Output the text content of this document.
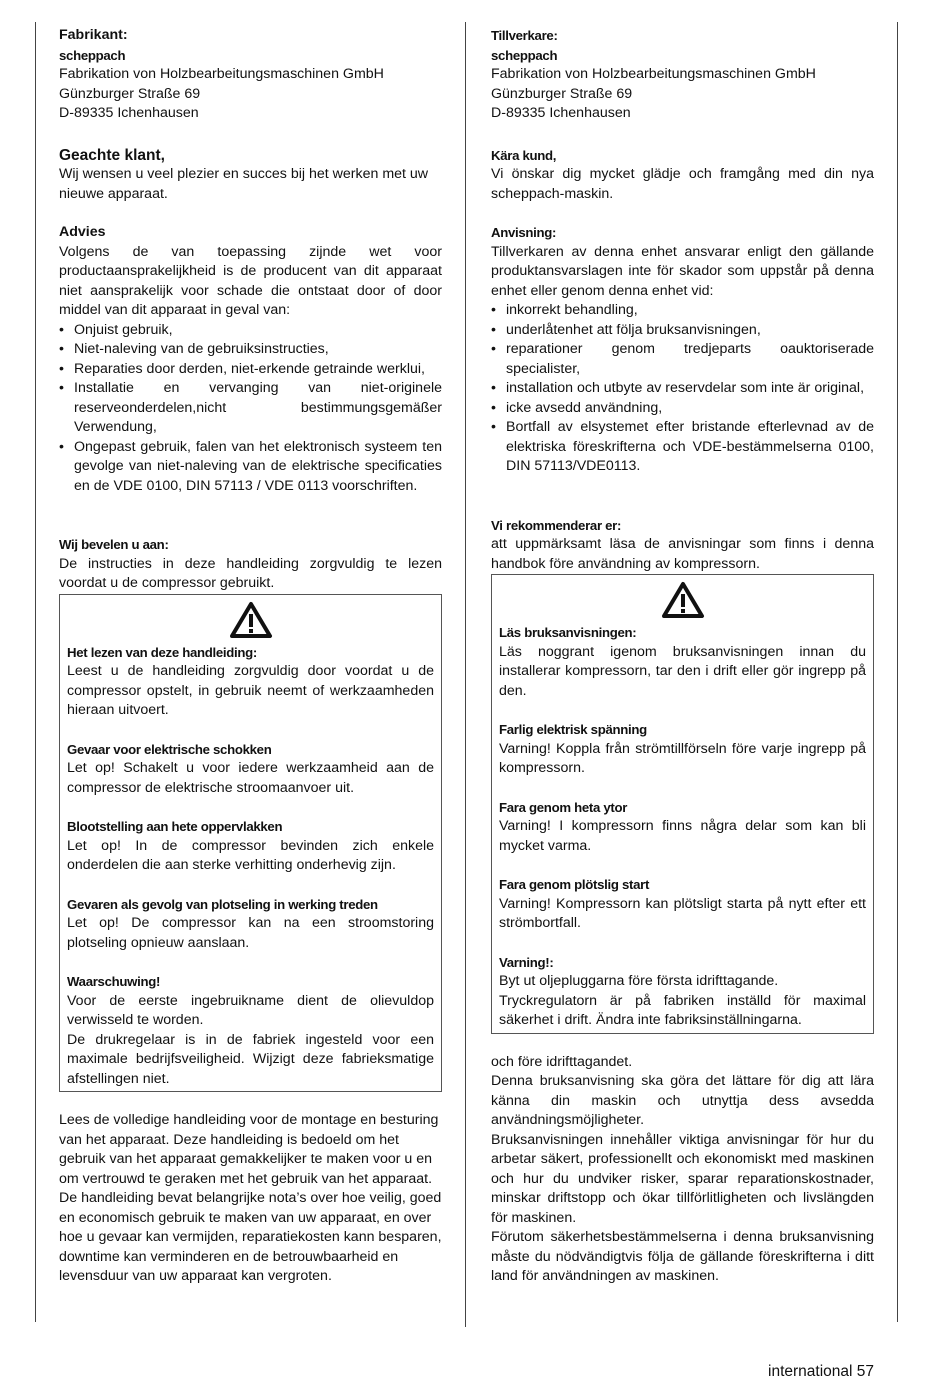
Fabrikant:

scheppach

Fabrikation von Holzbearbeitungsmaschinen GmbH

Günzburger Straße 69

D-89335 Ichenhausen

Geachte klant,

Wij wensen u veel plezier en succes bij het werken met uw nieuwe apparaat.

Advies

Volgens de van toepassing zijnde wet voor productaansprakelijkheid is de producent van dit apparaat niet aansprakelijk voor schade die ontstaat door of door middel van dit apparaat in geval van:

• Onjuist gebruik,
• Niet-naleving van de gebruiksinstructies,
• Reparaties door derden, niet-erkende getrainde werklui,
• Installatie en vervanging van niet-originele reserveonderdelen,nicht bestimmungsgemäßer Verwendung,
• Ongepast gebruik, falen van het elektronisch systeem ten gevolge van niet-naleving van de elektrische specificaties en de VDE 0100, DIN 57113 / VDE 0113 voorschriften.

Wij bevelen u aan:

De instructies in deze handleiding zorgvuldig te lezen voordat u de compressor gebruikt.

Het lezen van deze handleiding:

Leest u de handleiding zorgvuldig door voordat u de compressor opstelt, in gebruik neemt of werkzaamheden hieraan uitvoert.

Gevaar voor elektrische schokken

Let op! Schakelt u voor iedere werkzaamheid aan de compressor de elektrische stroomaanvoer uit.

Blootstelling aan hete oppervlakken

Let op! In de compressor bevinden zich enkele onderdelen die aan sterke verhitting onderhevig zijn.

Gevaren als gevolg van plotseling in werking treden

Let op! De compressor kan na een stroomstoring plotseling opnieuw aanslaan.

Waarschuwing!

Voor de eerste ingebruikname dient de olievuldop verwisseld te worden.

De drukregelaar is in de fabriek ingesteld voor een maximale bedrijfsveiligheid. Wijzigt deze fabrieksmatige afstellingen niet.

Lees de volledige handleiding voor de montage en besturing van het apparaat. Deze handleiding is bedoeld om het gebruik van het apparaat gemakkelijker te maken voor u en om vertrouwd te geraken met het gebruik van het apparaat.

De handleiding bevat belangrijke nota’s over hoe veilig, goed en economisch gebruik te maken van uw apparaat, en over hoe u gevaar kan vermijden, reparatiekosten kann besparen, downtime kan verminderen en de betrouwbaarheid en levensduur van uw apparaat kan vergroten.

Tillverkare:

scheppach

Fabrikation von Holzbearbeitungsmaschinen GmbH

Günzburger Straße 69

D-89335 Ichenhausen

Kära kund,

Vi önskar dig mycket glädje och framgång med din nya scheppach-maskin.

Anvisning:

Tillverkaren av denna enhet ansvarar enligt den gällande produktansvarslagen inte för skador som uppstår på denna enhet eller genom denna enhet vid:

• inkorrekt behandling,
• underlåtenhet att följa bruksanvisningen,
• reparationer genom tredjeparts oauktoriserade specialister,
• installation och utbyte av reservdelar som inte är original,
• icke avsedd användning,
• Bortfall av elsystemet efter bristande efterlevnad av de elektriska föreskrifterna och VDE-bestämmelserna 0100, DIN 57113/VDE0113.

Vi rekommenderar er:

att uppmärksamt läsa de anvisningar som finns i denna handbok före användning av kompressorn.

Läs bruksanvisningen:

Läs noggrant igenom bruksanvisningen innan du installerar kompressorn, tar den i drift eller gör ingrepp på den.

Farlig elektrisk spänning

Varning! Koppla från strömtillförseln före varje ingrepp på kompressorn.

Fara genom heta ytor

Varning! I kompressorn finns några delar som kan bli mycket varma.

Fara genom plötslig start

Varning! Kompressorn kan plötsligt starta på nytt efter ett strömbortfall.

Varning!:

Byt ut oljepluggarna före första idrifttagande.

Tryckregulatorn är på fabriken inställd för maximal säkerhet i drift. Ändra inte fabriksinställningarna.

och före idrifttagandet.

Denna bruksanvisning ska göra det lättare för dig att lära känna din maskin och utnyttja dess avsedda användningsmöjligheter.

Bruksanvisningen innehåller viktiga anvisningar för hur du arbetar säkert, professionellt och ekonomiskt med maskinen och hur du undviker risker, sparar reparationskostnader, minskar driftstopp och ökar tillförlitligheten och livslängden för maskinen.

Förutom säkerhetsbestämmelserna i denna bruksanvisning måste du nödvändigtvis följa de gällande föreskrifterna i ditt land för användningen av maskinen.

international 57
